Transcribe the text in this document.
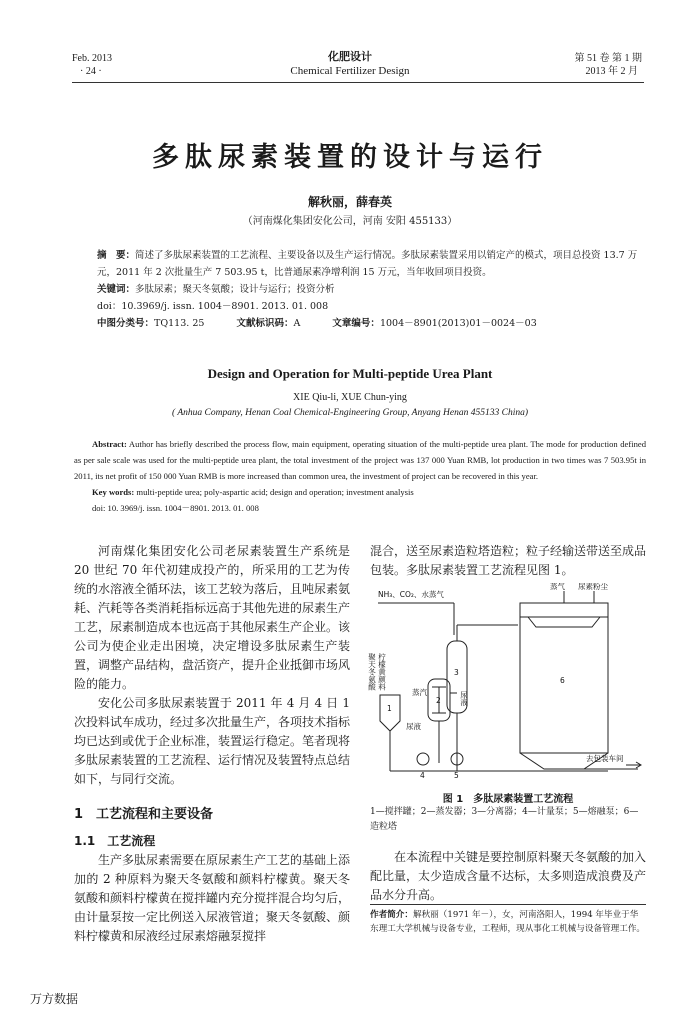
Feb. 2013
· 24 ·
化肥设计
Chemical Fertilizer Design
第 51 卷 第 1 期
2013 年 2 月
多肽尿素装置的设计与运行
解秋丽，薛春英
（河南煤化集团安化公司，河南 安阳 455133）
摘　要：简述了多肽尿素装置的工艺流程、主要设备以及生产运行情况。多肽尿素装置采用以销定产的模式，项目总投资 13.7 万元，2011 年 2 次批量生产 7 503.95 t，比普通尿素净增利润 15 万元，当年收回项目投资。
关键词：多肽尿素；聚天冬氨酸；设计与运行；投资分析
doi：10.3969/j. issn. 1004－8901. 2013. 01. 008
中图分类号：TQ113. 25	文献标识码：A	文章编号：1004－8901(2013)01－0024－03
Design and Operation for Multi-peptide Urea Plant
XIE Qiu-li, XUE Chun-ying
( Anhua Company, Henan Coal Chemical-Engineering Group, Anyang Henan 455133 China)
Abstract: Author has briefly described the process flow, main equipment, operating situation of the multi-peptide urea plant. The mode for production defined as per sale scale was used for the multi-peptide urea plant, the total investment of the project was 137 000 Yuan RMB, lot production in two times was 7 503.95t in 2011, its net profit of 150 000 Yuan RMB is more increased than common urea, the investment of project can be recovered in this year.
Key words: multi-peptide urea; poly-aspartic acid; design and operation; investment analysis
doi: 10. 3969/j. issn. 1004－8901. 2013. 01. 008

河南煤化集团安化公司老尿素装置生产系统是 20 世纪 70 年代初建成投产的，所采用的工艺为传统的水溶液全循环法，该工艺较为落后，且吨尿素氨耗、汽耗等各类消耗指标远高于其他先进的尿素生产工艺，尿素制造成本也远高于其他尿素生产企业。该公司为使企业走出困境，决定增设多肽尿素生产装置，调整产品结构，盘活资产，提升企业抵御市场风险的能力。

安化公司多肽尿素装置于 2011 年 4 月 4 日 1 次投料试车成功，经过多次批量生产，各项技术指标均已达到或优于企业标准，装置运行稳定。笔者现将多肽尿素装置的工艺流程、运行情况及装置特点总结如下，与同行交流。

1　工艺流程和主要设备
1.1　工艺流程

生产多肽尿素需要在原尿素生产工艺的基础上添加的 2 种原料为聚天冬氨酸和颜料柠檬黄。聚天冬氨酸和颜料柠檬黄在搅拌罐内充分搅拌混合均匀后，由计量泵按一定比例送入尿液管道；聚天冬氨酸、颜料柠檬黄和尿液经过尿素熔融泵搅拌

混合，送至尿素造粒塔造粒；粒子经输送带送至成品包装。多肽尿素装置工艺流程见图 1。

NH₃、CO₂、水蒸气
蒸气 尿素粉尘
聚天冬氨酸 柠檬黄颜料
蒸汽	尿液
尿液
去包装车间
1
2
3
4	5
6
图 1　多肽尿素装置工艺流程
1—搅拌罐；2—蒸发器；3—分离器；4—计量泵；5—熔融泵；6—造粒塔

在本流程中关键是要控制原料聚天冬氨酸的加入配比量，太少造成含量不达标，太多则造成浪费及产品水分升高。

作者简介：解秋丽（1971 年－），女，河南洛阳人，1994 年毕业于华东理工大学机械与设备专业，工程师，现从事化工机械与设备管理工作。
万方数据
